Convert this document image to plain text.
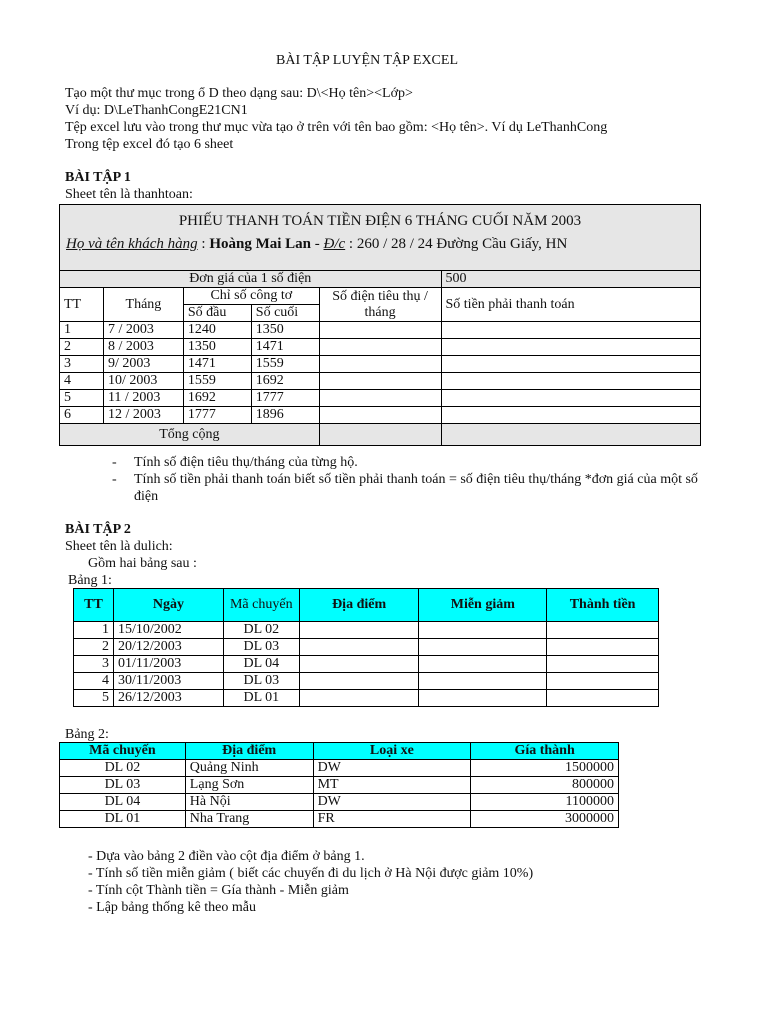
BÀI TẬP LUYỆN TẬP EXCEL
Tạo một thư mục trong ổ D theo dạng sau: D\<Họ tên><Lớp>
Ví dụ: D\LeThanhCongE21CN1
Tệp excel lưu vào trong thư mục vừa tạo ở trên với tên bao gồm: <Họ tên>. Ví dụ LeThanhCong
Trong tệp excel đó tạo 6 sheet
BÀI TẬP 1
Sheet tên là thanhtoan:
PHIẾU THANH TOÁN TIỀN ĐIỆN 6 THÁNG CUỐI NĂM 2003
Họ và tên khách hàng : Hoàng Mai Lan - Đ/c : 260 / 28 / 24 Đường Cầu Giấy, HN
Đơn giá của 1 số điện					500
TT	Tháng	Chỉ số công tơ		Số điện tiêu thụ / tháng	Số tiền phải thanh toán
		Số đầu	Số cuối		
1	7 / 2003	1240	1350		
2	8 / 2003	1350	1471		
3	9/ 2003	1471	1559		
4	10/ 2003	1559	1692		
5	11 / 2003	1692	1777		
6	12 / 2003	1777	1896		
Tổng cộng					
- Tính số điện tiêu thụ/tháng của từng hộ.
- Tính số tiền phải thanh toán biết số tiền phải thanh toán = số điện tiêu thụ/tháng *đơn giá của một số điện
BÀI TẬP 2
Sheet tên là dulich:
Gồm hai bảng sau :
Bảng 1:
TT	Ngày	Mã chuyến	Địa điểm	Miễn giảm	Thành tiền
1	15/10/2002	DL 02			
2	20/12/2003	DL 03			
3	01/11/2003	DL 04			
4	30/11/2003	DL 03			
5	26/12/2003	DL 01			
Bảng 2:
Mã chuyến	Địa điểm	Loại xe	Gía thành
DL 02	Quảng Ninh	DW	1500000
DL 03	Lạng Sơn	MT	800000
DL 04	Hà Nội	DW	1100000
DL 01	Nha Trang	FR	3000000
- Dựa vào bảng 2 điền vào cột địa điểm ở bảng 1.
- Tính số tiền miễn giảm ( biết các chuyến đi du lịch ở Hà Nội được giảm 10%)
- Tính cột Thành tiền = Gía thành - Miễn giảm
- Lập bảng thống kê theo mẫu
